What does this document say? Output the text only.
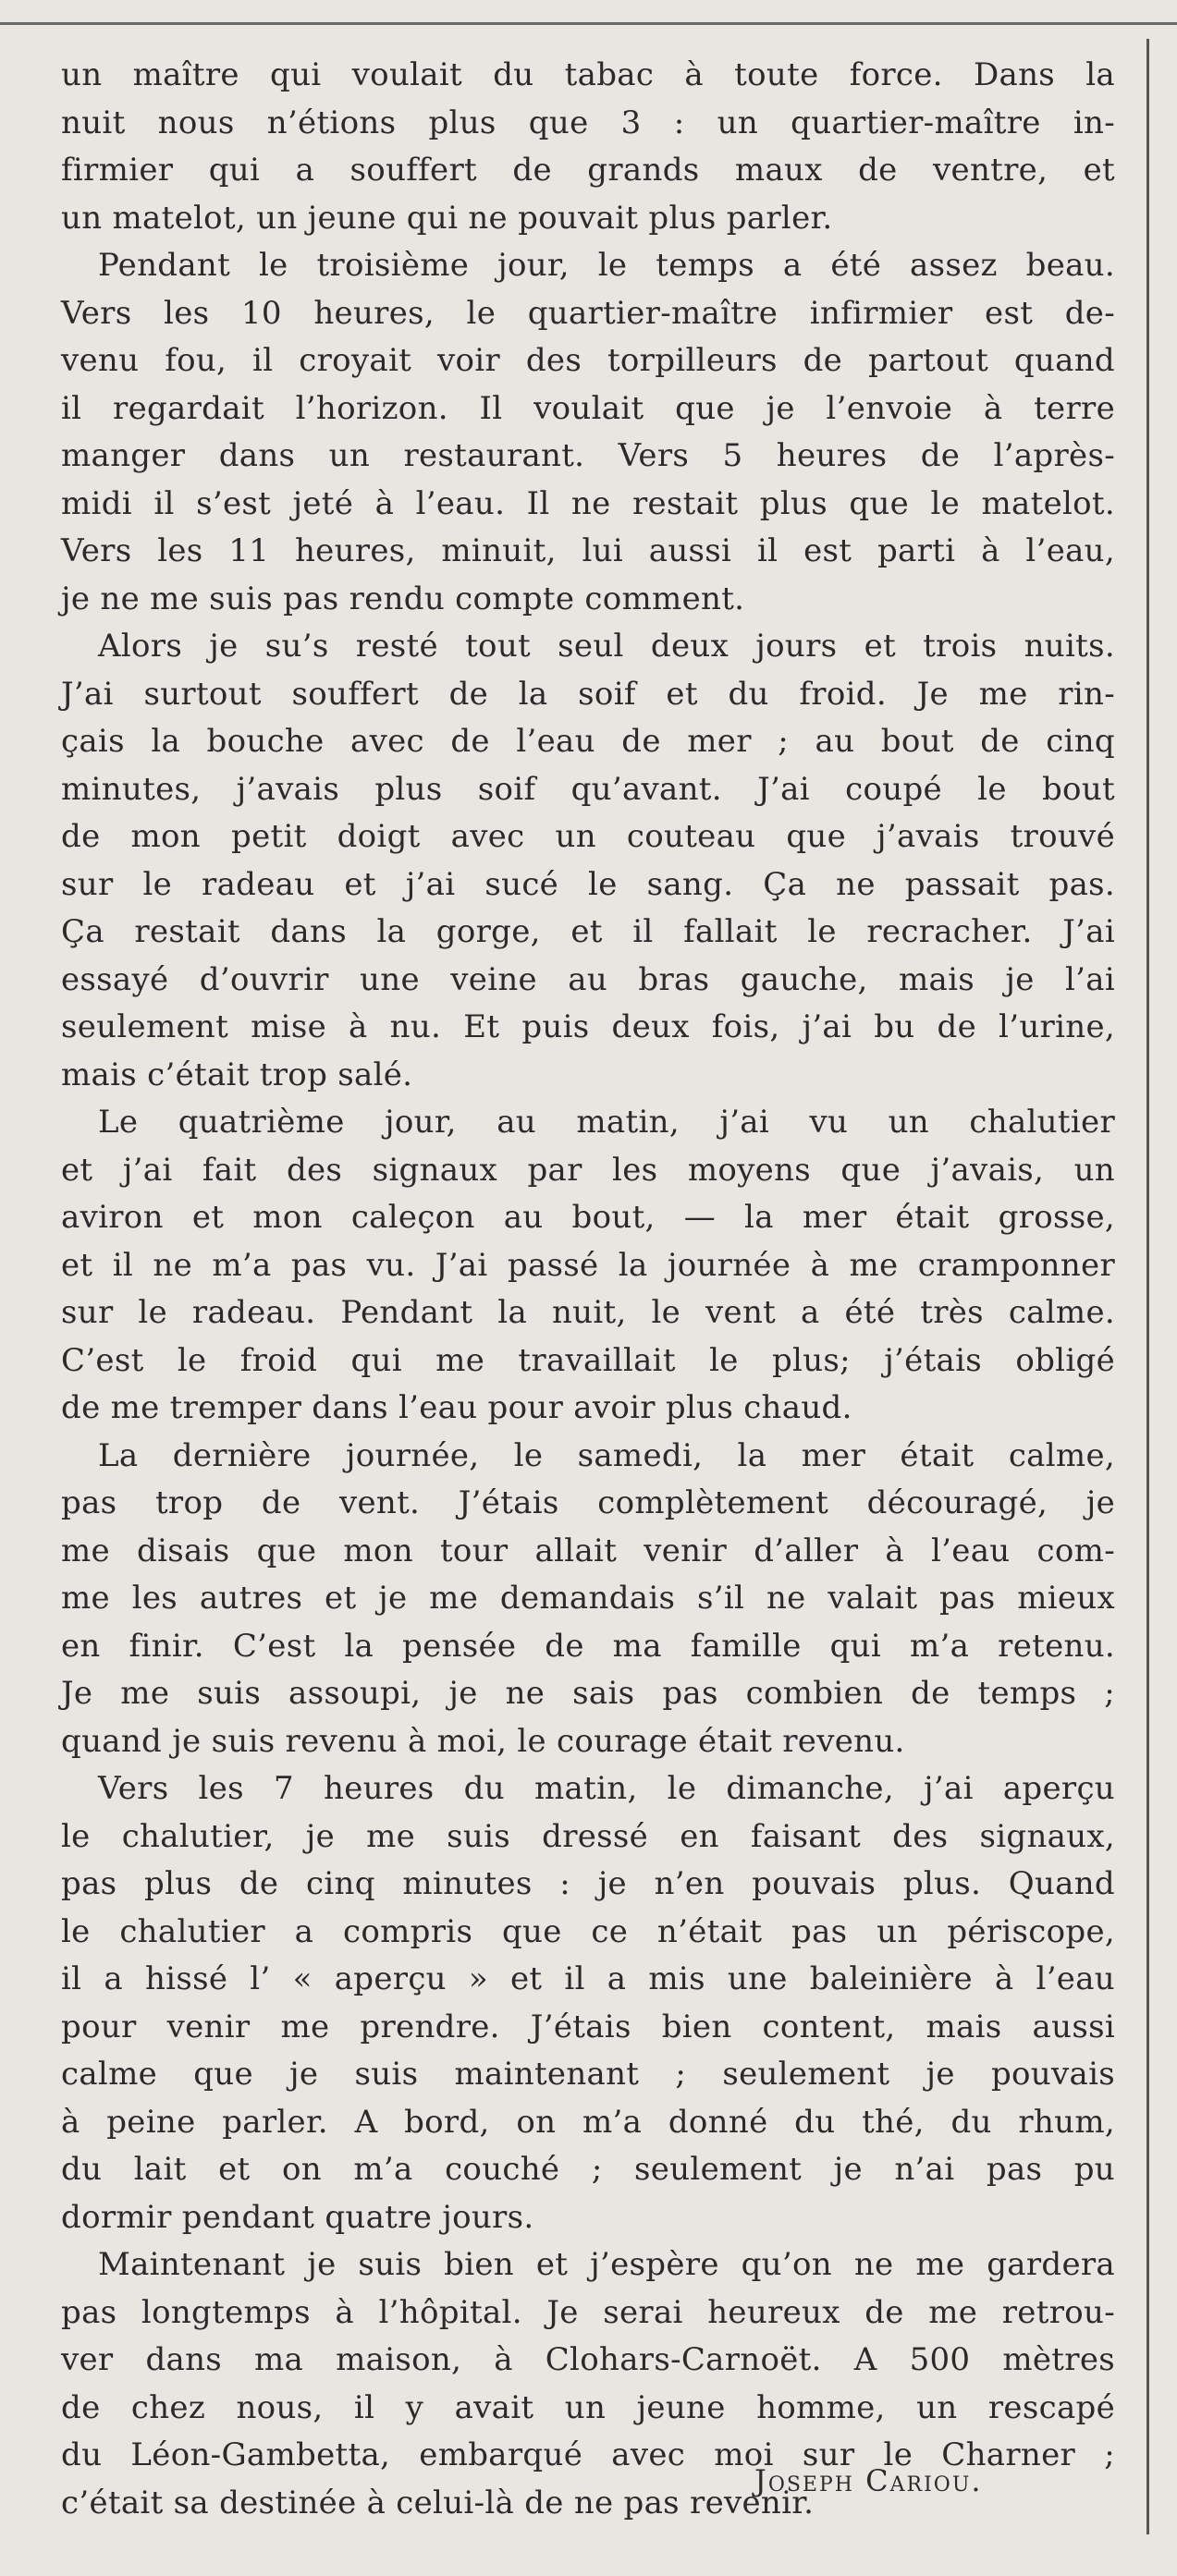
un maître qui voulait du tabac à toute force. Dans la
nuit nous n’étions plus que 3 : un quartier-maître in-
firmier qui a souffert de grands maux de ventre, et
un matelot, un jeune qui ne pouvait plus parler.

Pendant le troisième jour, le temps a été assez beau.
Vers les 10 heures, le quartier-maître infirmier est de-
venu fou, il croyait voir des torpilleurs de partout quand
il regardait l’horizon. Il voulait que je l’envoie à terre
manger dans un restaurant. Vers 5 heures de l’après-
midi il s’est jeté à l’eau. Il ne restait plus que le matelot.
Vers les 11 heures, minuit, lui aussi il est parti à l’eau,
je ne me suis pas rendu compte comment.

Alors je su’s resté tout seul deux jours et trois nuits.
J’ai surtout souffert de la soif et du froid. Je me rin-
çais la bouche avec de l’eau de mer ; au bout de cinq
minutes, j’avais plus soif qu’avant. J’ai coupé le bout
de mon petit doigt avec un couteau que j’avais trouvé
sur le radeau et j’ai sucé le sang. Ça ne passait pas.
Ça restait dans la gorge, et il fallait le recracher. J’ai
essayé d’ouvrir une veine au bras gauche, mais je l’ai
seulement mise à nu. Et puis deux fois, j’ai bu de l’urine,
mais c’était trop salé.

Le quatrième jour, au matin, j’ai vu un chalutier
et j’ai fait des signaux par les moyens que j’avais, un
aviron et mon caleçon au bout, — la mer était grosse,
et il ne m’a pas vu. J’ai passé la journée à me cramponner
sur le radeau. Pendant la nuit, le vent a été très calme.
C’est le froid qui me travaillait le plus; j’étais obligé
de me tremper dans l’eau pour avoir plus chaud.

La dernière journée, le samedi, la mer était calme,
pas trop de vent. J’étais complètement découragé, je
me disais que mon tour allait venir d’aller à l’eau com-
me les autres et je me demandais s’il ne valait pas mieux
en finir. C’est la pensée de ma famille qui m’a retenu.
Je me suis assoupi, je ne sais pas combien de temps ;
quand je suis revenu à moi, le courage était revenu.

Vers les 7 heures du matin, le dimanche, j’ai aperçu
le chalutier, je me suis dressé en faisant des signaux,
pas plus de cinq minutes : je n’en pouvais plus. Quand
le chalutier a compris que ce n’était pas un périscope,
il a hissé l’ « aperçu » et il a mis une baleinière à l’eau
pour venir me prendre. J’étais bien content, mais aussi
calme que je suis maintenant ; seulement je pouvais
à peine parler. A bord, on m’a donné du thé, du rhum,
du lait et on m’a couché ; seulement je n’ai pas pu
dormir pendant quatre jours.

Maintenant je suis bien et j’espère qu’on ne me gardera
pas longtemps à l’hôpital. Je serai heureux de me retrou-
ver dans ma maison, à Clohars-Carnoët. A 500 mètres
de chez nous, il y avait un jeune homme, un rescapé
du Léon-Gambetta, embarqué avec moi sur le Charner ;
c’était sa destinée à celui-là de ne pas revenir.

Joseph Cariou.
